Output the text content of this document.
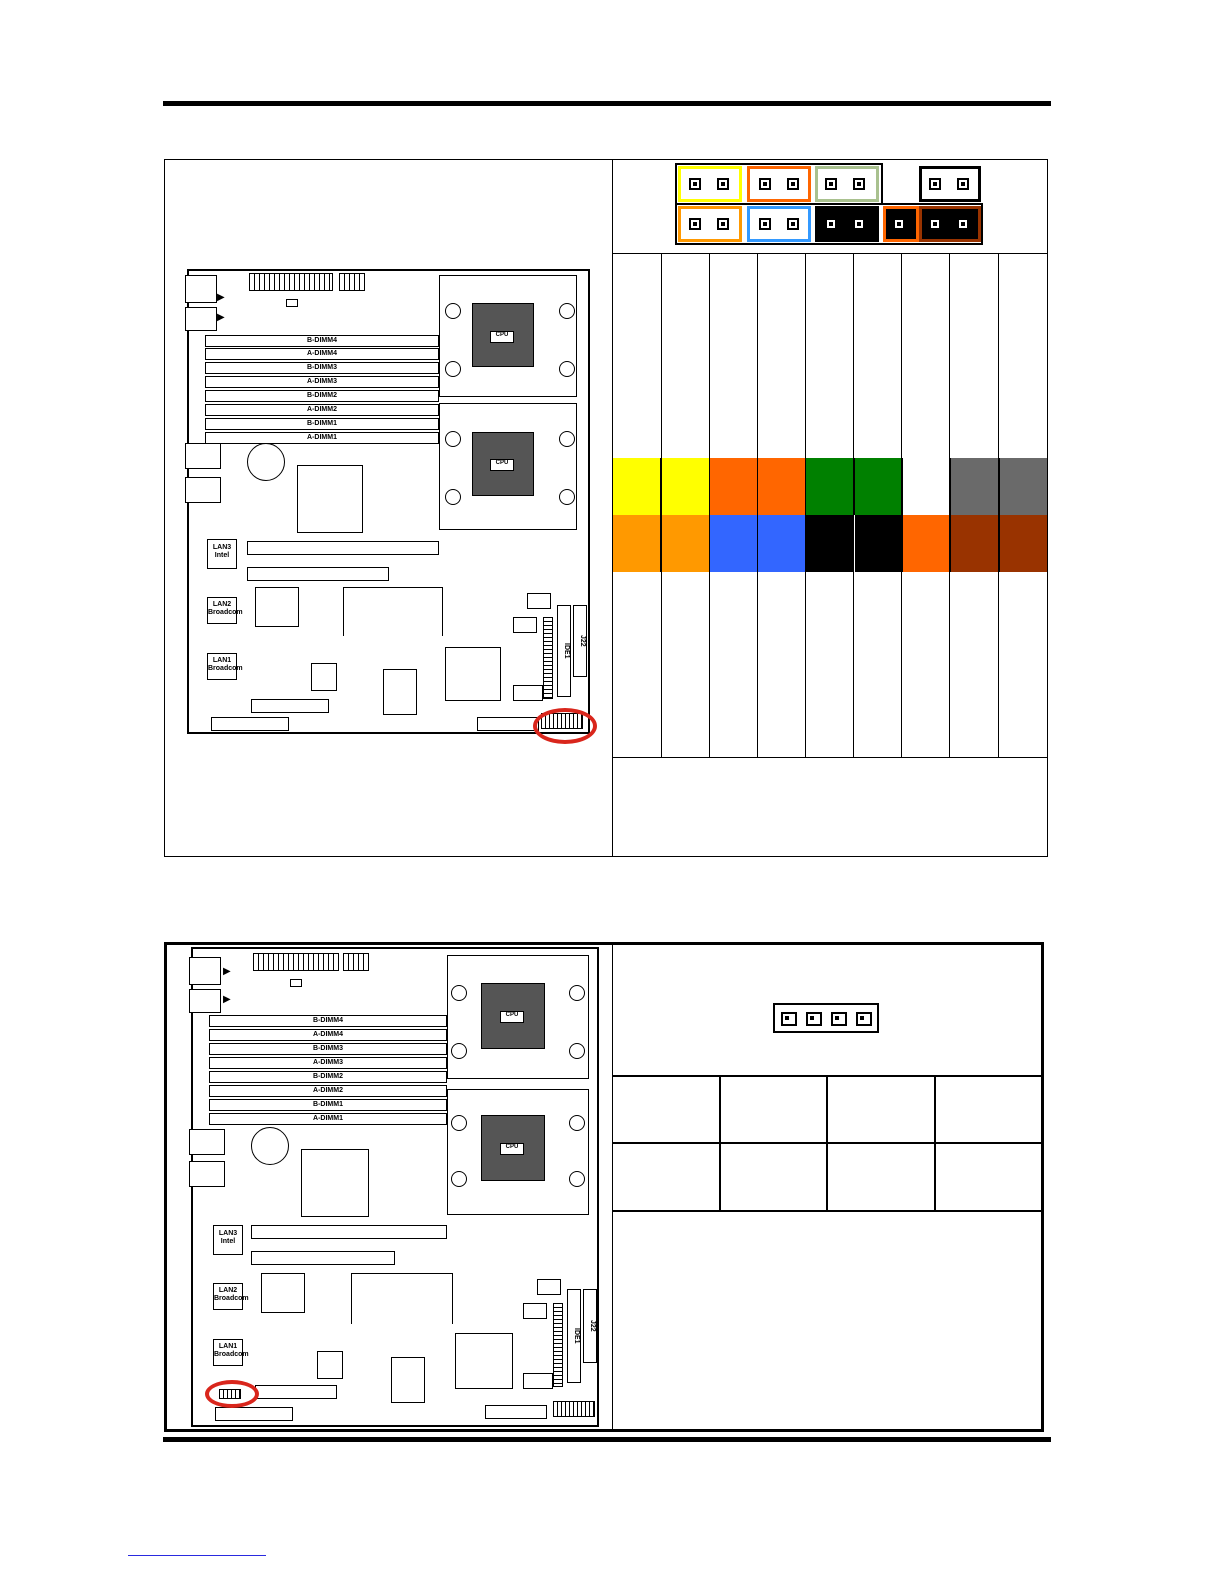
▶
▶
B-DIMM4
A-DIMM4
B-DIMM3
A-DIMM3
B-DIMM2
A-DIMM2
B-DIMM1
A-DIMM1
CPU
CPU
LAN3 Intel
LAN2 Broadcom
LAN1 Broadcom
IDE1
J22
▶
▶
B-DIMM4
A-DIMM4
B-DIMM3
A-DIMM3
B-DIMM2
A-DIMM2
B-DIMM1
A-DIMM1
CPU
CPU
LAN3 Intel
LAN2 Broadcom
LAN1 Broadcom
IDE1
J22
